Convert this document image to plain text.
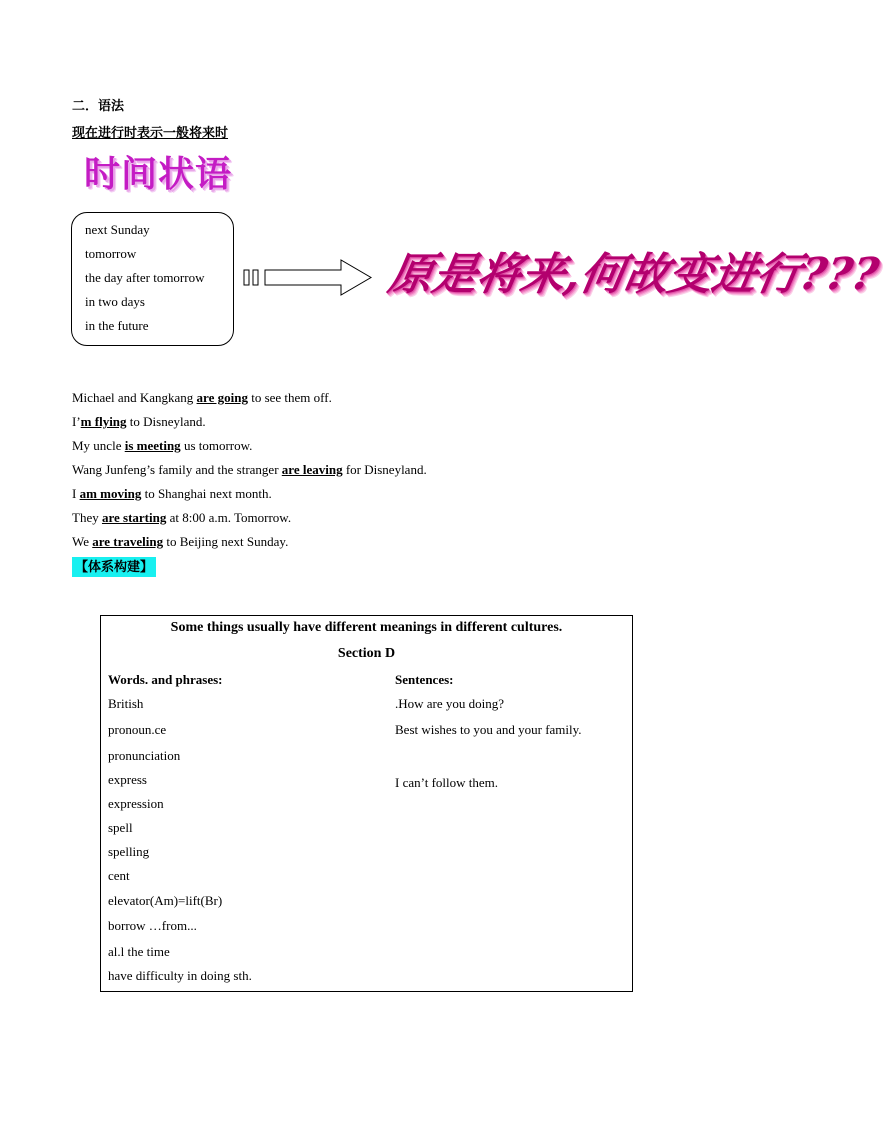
二．语法
现在进行时表示一般将来时
时间状语
next Sunday
tomorrow
the day after tomorrow
in two days
in the future
原是将来,何故变进行???
Michael and Kangkang are going to see them off.
I’m flying to Disneyland.
My uncle is meeting us tomorrow.
Wang Junfeng’s family and the stranger are leaving for Disneyland.
I am moving to Shanghai next month.
They are starting at 8:00 a.m. Tomorrow.
We are traveling to Beijing next Sunday.
【体系构建】
Some things usually have different meanings in different cultures.
Section D
Words. and phrases:	Sentences:
British
pronoun.ce
pronunciation
express
expression
spell
spelling
cent
elevator(Am)=lift(Br)
borrow …from...
al.l the time
have difficulty in doing sth.
.How are you doing?
Best wishes to you and your family.
I can’t follow them.
